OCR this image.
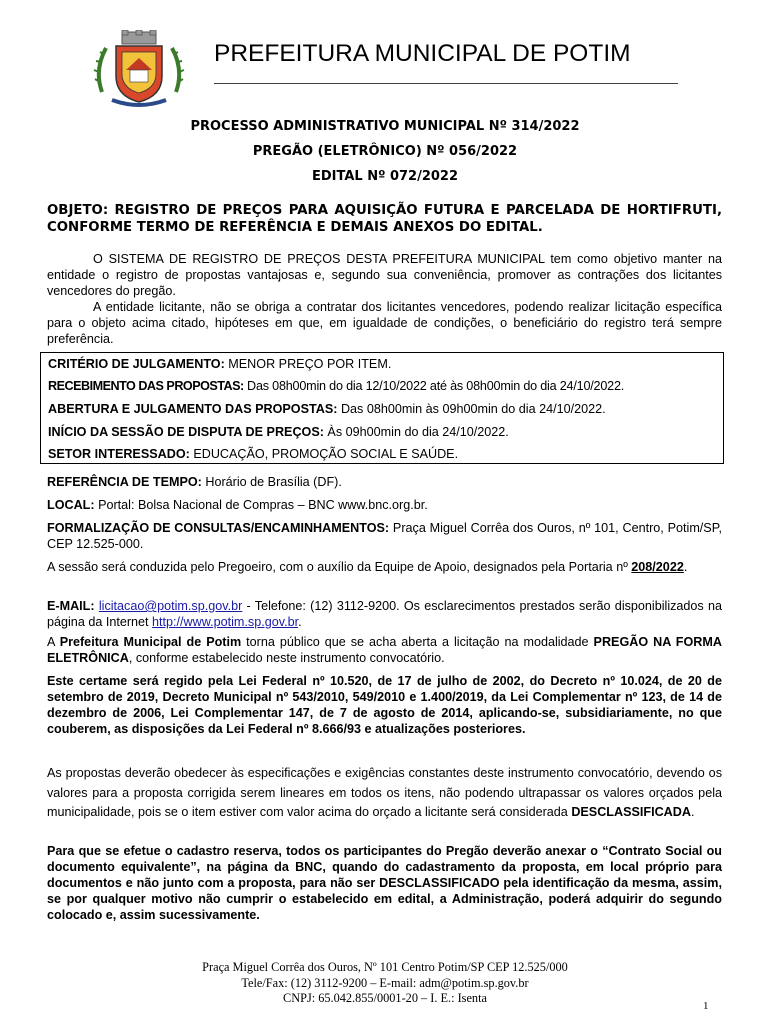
PREFEITURA MUNICIPAL DE POTIM
PROCESSO ADMINISTRATIVO MUNICIPAL Nº 314/2022
PREGÃO (ELETRÔNICO) Nº 056/2022
EDITAL Nº 072/2022
OBJETO: REGISTRO DE PREÇOS PARA AQUISIÇÃO FUTURA E PARCELADA DE HORTIFRUTI, CONFORME TERMO DE REFERÊNCIA E DEMAIS ANEXOS DO EDITAL.

O SISTEMA DE REGISTRO DE PREÇOS DESTA PREFEITURA MUNICIPAL tem como objetivo manter na entidade o registro de propostas vantajosas e, segundo sua conveniência, promover as contrações dos licitantes vencedores do pregão.

A entidade licitante, não se obriga a contratar dos licitantes vencedores, podendo realizar licitação específica para o objeto acima citado, hipóteses em que, em igualdade de condições, o beneficiário do registro terá sempre preferência.

CRITÉRIO DE JULGAMENTO: MENOR PREÇO POR ITEM.
RECEBIMENTO DAS PROPOSTAS: Das 08h00min do dia 12/10/2022 até às 08h00min do dia 24/10/2022.
ABERTURA E JULGAMENTO DAS PROPOSTAS: Das 08h00min às 09h00min do dia 24/10/2022.
INÍCIO DA SESSÃO DE DISPUTA DE PREÇOS: Às 09h00min do dia 24/10/2022.
SETOR INTERESSADO: EDUCAÇÃO, PROMOÇÃO SOCIAL E SAÚDE.
REFERÊNCIA DE TEMPO: Horário de Brasília (DF).
LOCAL: Portal: Bolsa Nacional de Compras – BNC www.bnc.org.br.
FORMALIZAÇÃO DE CONSULTAS/ENCAMINHAMENTOS: Praça Miguel Corrêa dos Ouros, nº 101, Centro, Potim/SP, CEP 12.525-000.
A sessão será conduzida pelo Pregoeiro, com o auxílio da Equipe de Apoio, designados pela Portaria nº 208/2022.
E-MAIL: licitacao@potim.sp.gov.br - Telefone: (12) 3112-9200. Os esclarecimentos prestados serão disponibilizados na página da Internet http://www.potim.sp.gov.br.
A Prefeitura Municipal de Potim torna público que se acha aberta a licitação na modalidade PREGÃO NA FORMA ELETRÔNICA, conforme estabelecido neste instrumento convocatório.
Este certame será regido pela Lei Federal nº 10.520, de 17 de julho de 2002, do Decreto nº 10.024, de 20 de setembro de 2019, Decreto Municipal nº 543/2010, 549/2010 e 1.400/2019, da Lei Complementar nº 123, de 14 de dezembro de 2006, Lei Complementar 147, de 7 de agosto de 2014, aplicando-se, subsidiariamente, no que couberem, as disposições da Lei Federal nº 8.666/93 e atualizações posteriores.
As propostas deverão obedecer às especificações e exigências constantes deste instrumento convocatório, devendo os valores para a proposta corrigida serem lineares em todos os itens, não podendo ultrapassar os valores orçados pela municipalidade, pois se o item estiver com valor acima do orçado a licitante será considerada DESCLASSIFICADA.
Para que se efetue o cadastro reserva, todos os participantes do Pregão deverão anexar o “Contrato Social ou documento equivalente”, na página da BNC, quando do cadastramento da proposta, em local próprio para documentos e não junto com a proposta, para não ser DESCLASSIFICADO pela identificação da mesma, assim, se por qualquer motivo não cumprir o estabelecido em edital, a Administração, poderá adquirir do segundo colocado e, assim sucessivamente.
Praça Miguel Corrêa dos Ouros, Nº 101 Centro Potim/SP CEP 12.525/000
Tele/Fax: (12) 3112-9200 – E-mail: adm@potim.sp.gov.br
CNPJ: 65.042.855/0001-20 – I. E.: Isenta
1
